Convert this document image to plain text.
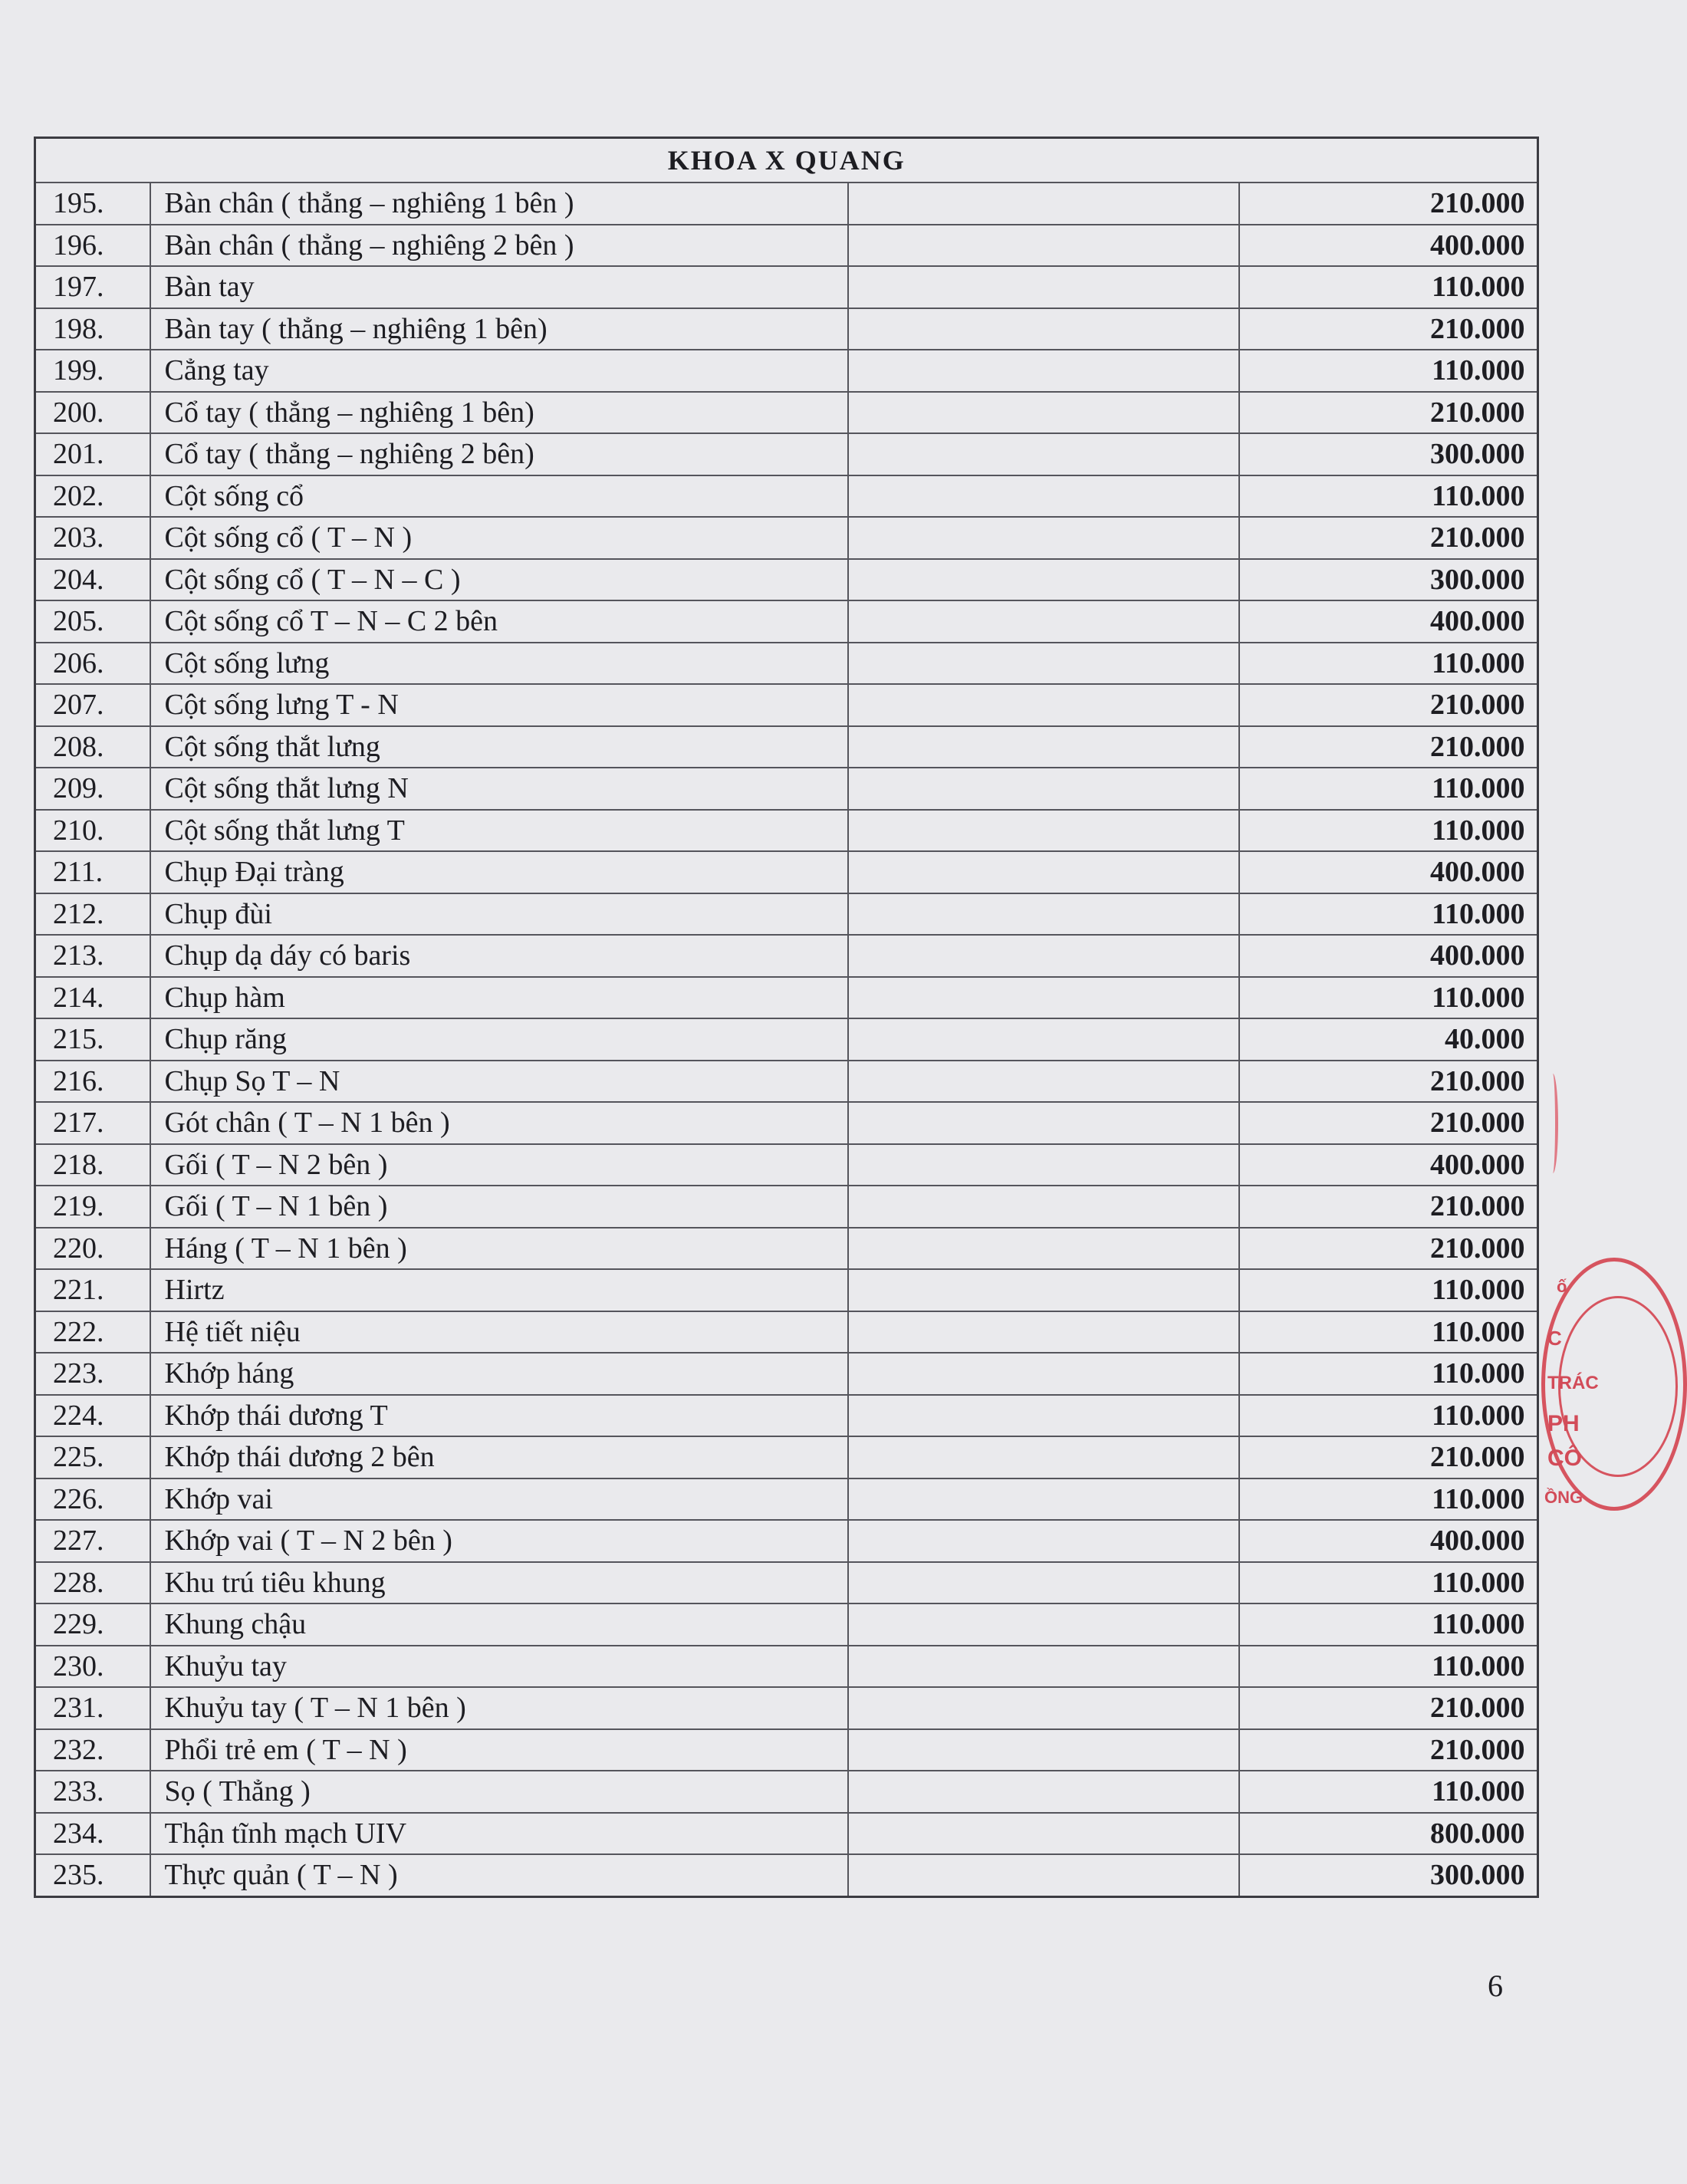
KHOA X QUANG				
195.	Bàn chân ( thẳng – nghiêng 1 bên )		210.000	
196.	Bàn chân ( thẳng – nghiêng 2 bên )		400.000	
197.	Bàn tay		110.000	
198.	Bàn tay ( thẳng – nghiêng 1 bên)		210.000	
199.	Cẳng tay		110.000	
200.	Cổ tay ( thẳng – nghiêng 1 bên)		210.000	
201.	Cổ tay ( thẳng – nghiêng 2 bên)		300.000	
202.	Cột sống cổ		110.000	
203.	Cột sống cổ ( T – N )		210.000	
204.	Cột sống cổ ( T – N – C )		300.000	
205.	Cột sống cổ T – N – C 2 bên		400.000	
206.	Cột sống lưng		110.000	
207.	Cột sống lưng T - N		210.000	
208.	Cột sống thắt lưng		210.000	
209.	Cột sống thắt lưng N		110.000	
210.	Cột sống thắt lưng T		110.000	
211.	Chụp Đại tràng		400.000	
212.	Chụp đùi		110.000	
213.	Chụp dạ dáy có baris		400.000	
214.	Chụp hàm		110.000	
215.	Chụp răng		40.000	
216.	Chụp Sọ T – N		210.000	
217.	Gót chân ( T – N 1 bên )		210.000	
218.	Gối ( T – N 2 bên )		400.000	
219.	Gối ( T – N 1 bên )		210.000	
220.	Háng ( T – N 1 bên )		210.000	
221.	Hirtz		110.000	
222.	Hệ tiết niệu		110.000	
223.	Khớp háng		110.000	
224.	Khớp thái dương T		110.000	
225.	Khớp thái dương 2 bên		210.000	
226.	Khớp vai		110.000	
227.	Khớp vai ( T – N 2 bên )		400.000	
228.	Khu trú tiêu khung		110.000	
229.	Khung chậu		110.000	
230.	Khuỷu tay		110.000	
231.	Khuỷu tay ( T – N 1 bên )		210.000	
232.	Phổi trẻ em ( T – N )		210.000	
233.	Sọ ( Thẳng )		110.000	
234.	Thận tĩnh mạch UIV		800.000	
235.	Thực quản ( T – N )		300.000	
ố
C
TRÁC
PH
CÔ
ỒNG
6
